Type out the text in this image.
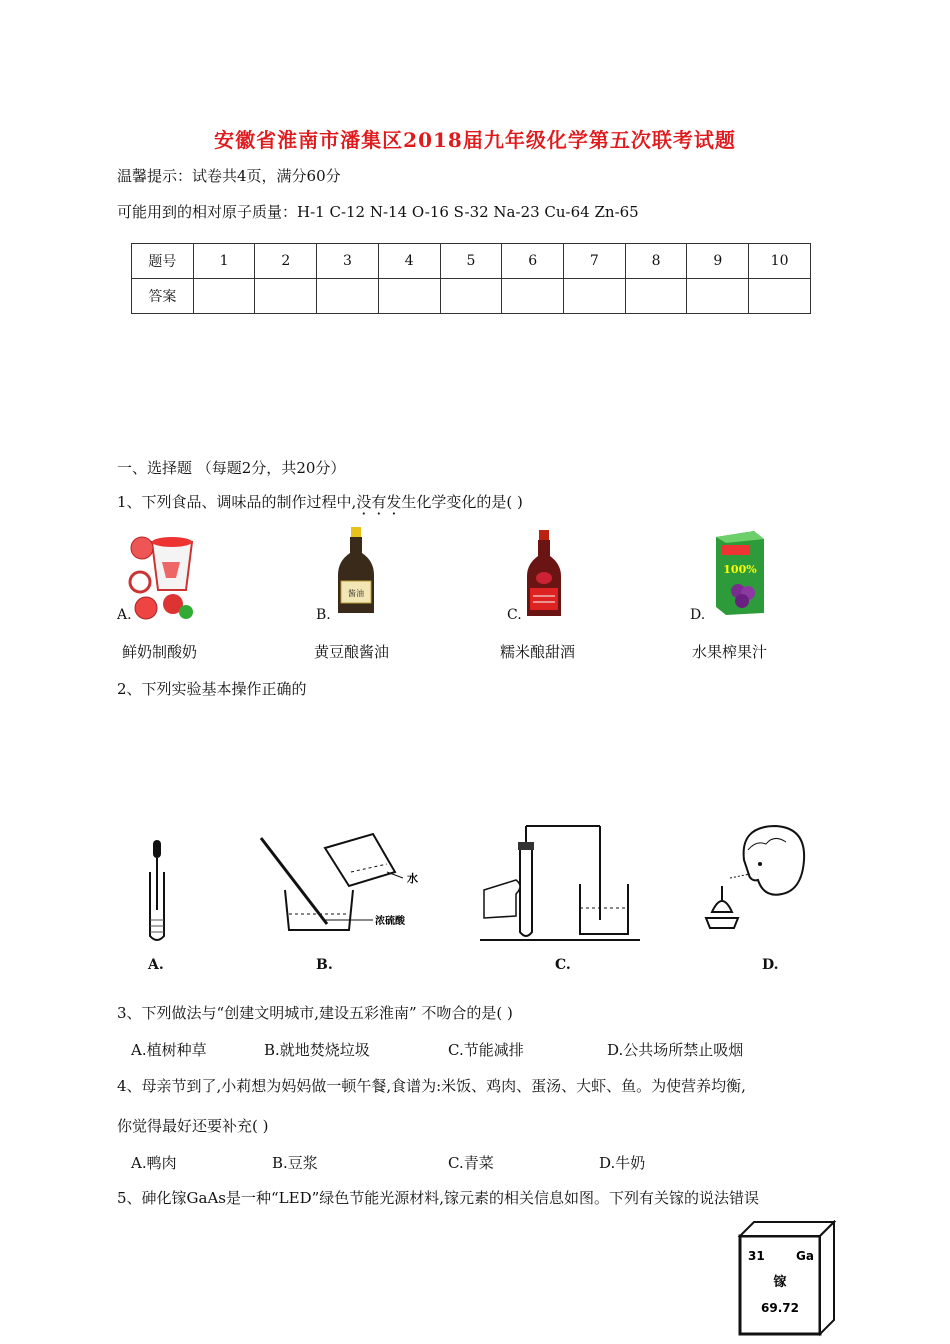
安徽省淮南市潘集区2018届九年级化学第五次联考试题
温馨提示：试卷共4页，满分60分
可能用到的相对原子质量：H-1 C-12 N-14 O-16 S-32 Na-23 Cu-64 Zn-65
题号	1	2	3	4	5	6	7	8	9	10
答案										
一、选择题 （每题2分，共20分）
1、下列食品、调味品的制作过程中,没有发生化学变化的是( )
酱油
100%
A.	B.	C.	D.
鲜奶制酸奶	黄豆酿酱油	糯米酿甜酒	水果榨果汁
2、下列实验基本操作正确的
水
浓硫酸
A.	B.	C.	D.
3、下列做法与“创建文明城市,建设五彩淮南” 不吻合的是( )
A.植树种草	B.就地焚烧垃圾	C.节能减排	D.公共场所禁止吸烟
4、母亲节到了,小莉想为妈妈做一顿午餐,食谱为:米饭、鸡肉、蛋汤、大虾、鱼。为使营养均衡,
你觉得最好还要补充( )
A.鸭肉	B.豆浆	C.青菜	D.牛奶
5、砷化镓GaAs是一种“LED”绿色节能光源材料,镓元素的相关信息如图。下列有关镓的说法错误
31	Ga
镓
69.72
